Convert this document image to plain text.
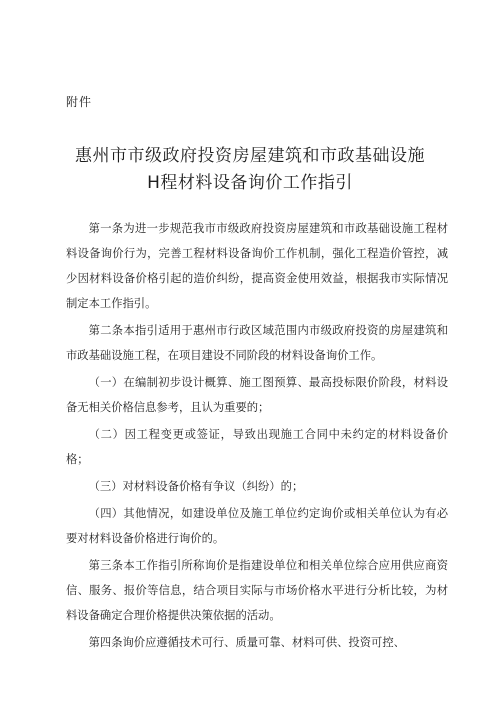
附件
惠州市市级政府投资房屋建筑和市政基础设施
H程材料设备询价工作指引

第一条为进一步规范我市市级政府投资房屋建筑和市政基础设施工程材料设备询价行为，完善工程材料设备询价工作机制，强化工程造价管控，减少因材料设备价格引起的造价纠纷，提高资金使用效益，根据我市实际情况制定本工作指引。

第二条本指引适用于惠州市行政区域范围内市级政府投资的房屋建筑和市政基础设施工程，在项目建设不同阶段的材料设备询价工作。

（一）在编制初步设计概算、施工图预算、最高投标限价阶段，材料设备无相关价格信息参考，且认为重要的；

（二）因工程变更或签证，导致出现施工合同中未约定的材料设备价格；

（三）对材料设备价格有争议（纠纷）的；

（四）其他情况，如建设单位及施工单位约定询价或相关单位认为有必要对材料设备价格进行询价的。

第三条本工作指引所称询价是指建设单位和相关单位综合应用供应商资信、服务、报价等信息，结合项目实际与市场价格水平进行分析比较，为材料设备确定合理价格提供决策依据的活动。

第四条询价应遵循技术可行、质量可靠、材料可供、投资可控、
